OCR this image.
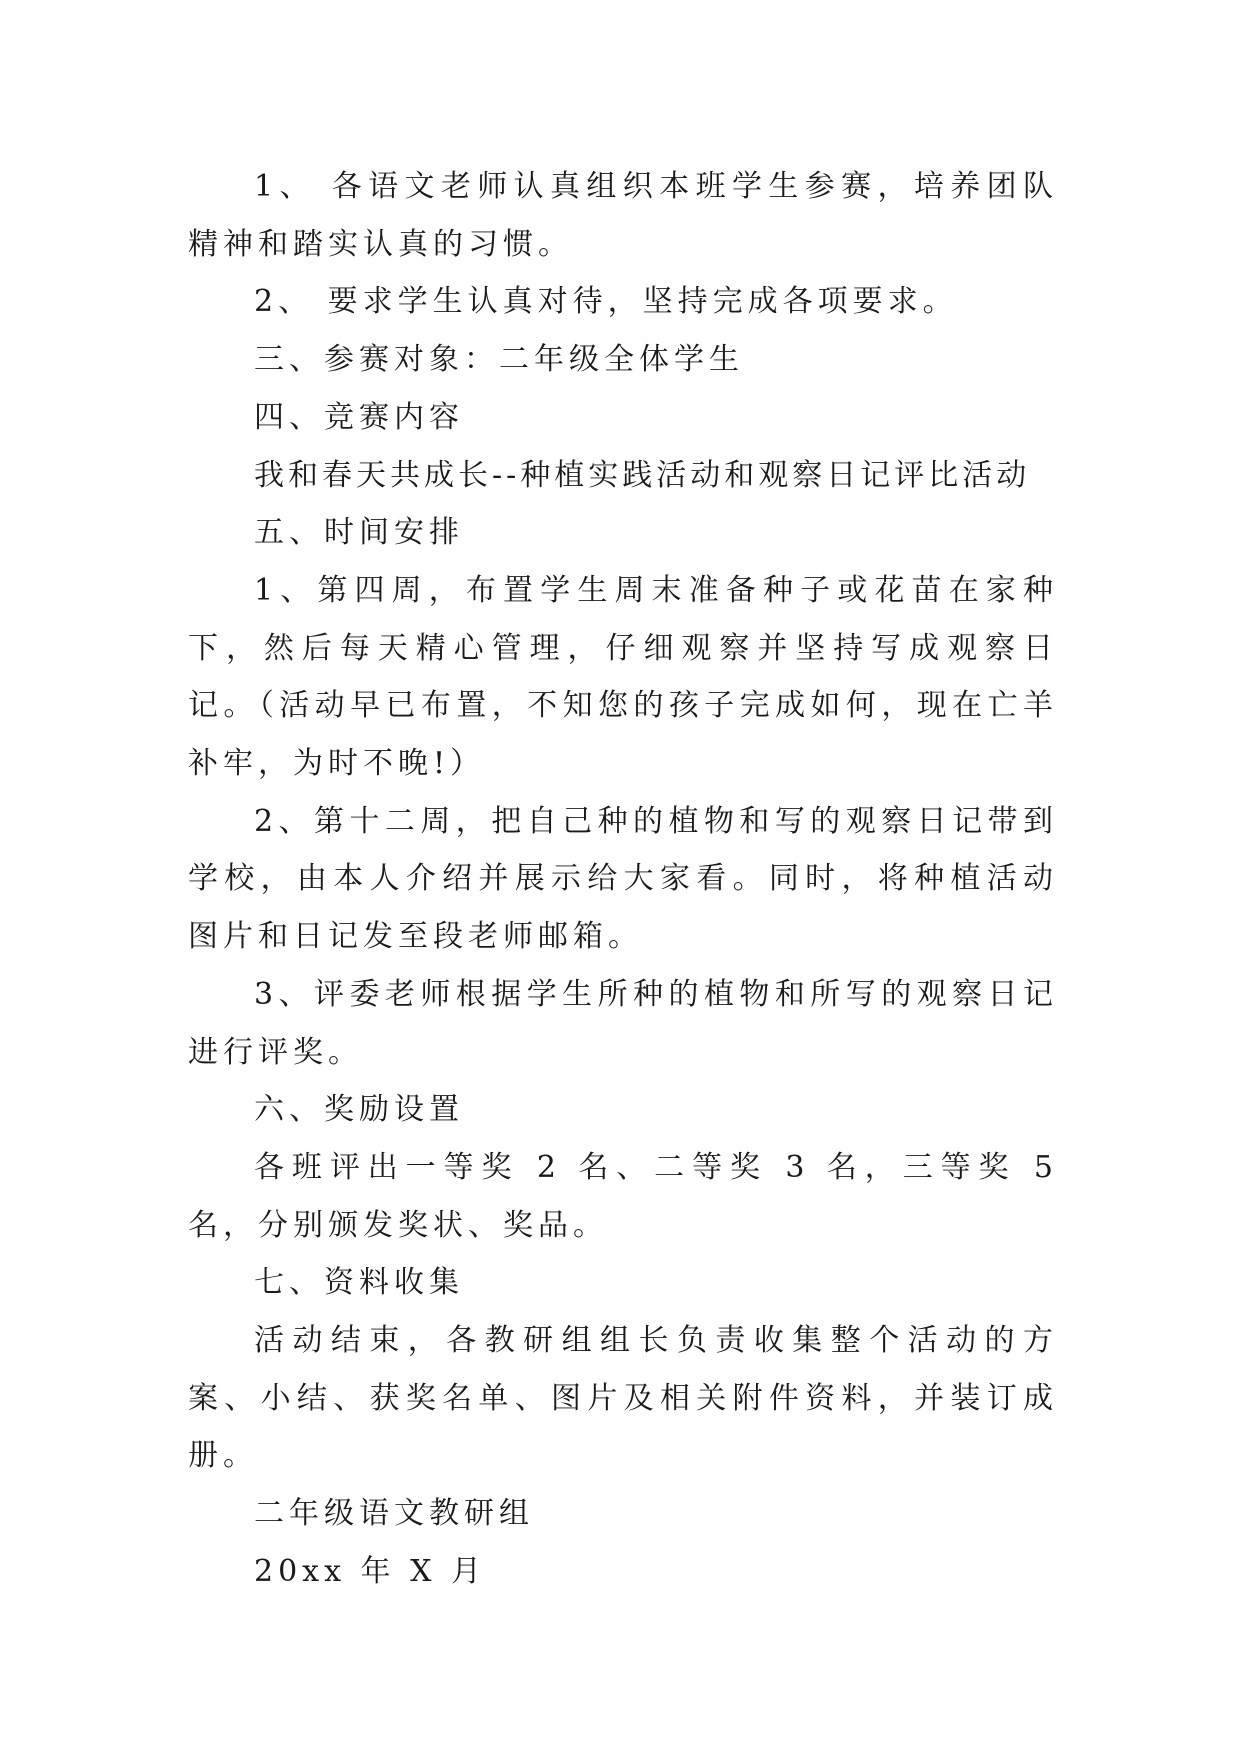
1、 各语文老师认真组织本班学生参赛，培养团队精神和踏实认真的习惯。

2、 要求学生认真对待，坚持完成各项要求。

三、参赛对象：二年级全体学生

四、竞赛内容

我和春天共成长--种植实践活动和观察日记评比活动

五、时间安排

1、第四周，布置学生周末准备种子或花苗在家种下，然后每天精心管理，仔细观察并坚持写成观察日记。（活动早已布置，不知您的孩子完成如何，现在亡羊补牢，为时不晚!）

2、第十二周，把自己种的植物和写的观察日记带到学校，由本人介绍并展示给大家看。同时，将种植活动图片和日记发至段老师邮箱。

3、评委老师根据学生所种的植物和所写的观察日记进行评奖。

六、奖励设置

各班评出一等奖 2 名、二等奖 3 名，三等奖 5 名，分别颁发奖状、奖品。

七、资料收集

活动结束，各教研组组长负责收集整个活动的方案、小结、获奖名单、图片及相关附件资料，并装订成册。

二年级语文教研组

20xx 年 X 月
